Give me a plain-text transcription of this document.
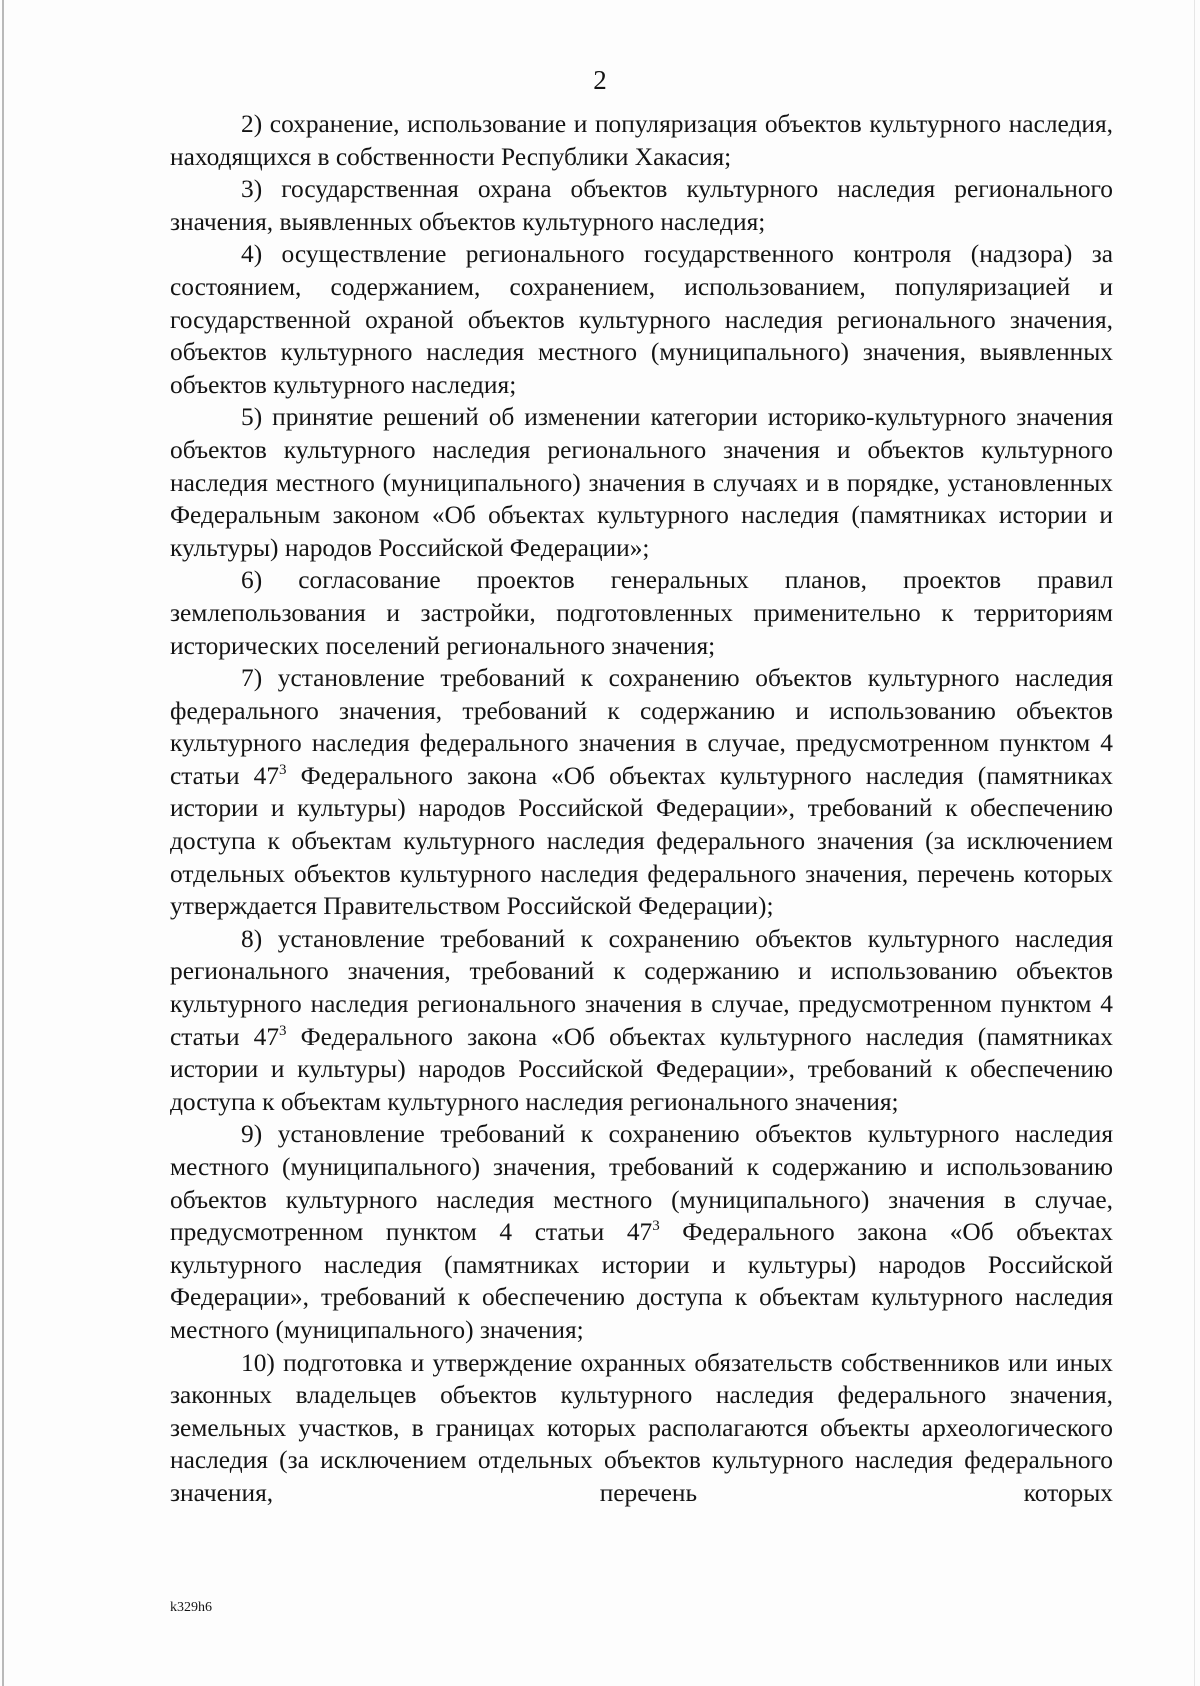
2

2) сохранение, использование и популяризация объектов культурного наследия, находящихся в собственности Республики Хакасия;

3) государственная охрана объектов культурного наследия регионального значения, выявленных объектов культурного наследия;

4) осуществление регионального государственного контроля (надзора) за состоянием, содержанием, сохранением, использованием, популяризацией и государственной охраной объектов культурного наследия регионального значения, объектов культурного наследия местного (муниципального) значения, выявленных объектов культурного наследия;

5) принятие решений об изменении категории историко-культурного значения объектов культурного наследия регионального значения и объектов культурного наследия местного (муниципального) значения в случаях и в порядке, установленных Федеральным законом «Об объектах культурного наследия (памятниках истории и культуры) народов Российской Федерации»;

6) согласование проектов генеральных планов, проектов правил землепользования и застройки, подготовленных применительно к территориям исторических поселений регионального значения;

7) установление требований к сохранению объектов культурного наследия федерального значения, требований к содержанию и использованию объектов культурного наследия федерального значения в случае, предусмотренном пунктом 4 статьи $47^3$ Федерального закона «Об объектах культурного наследия (памятниках истории и культуры) народов Российской Федерации», требований к обеспечению доступа к объектам культурного наследия федерального значения (за исключением отдельных объектов культурного наследия федерального значения, перечень которых утверждается Правительством Российской Федерации);

8) установление требований к сохранению объектов культурного наследия регионального значения, требований к содержанию и использованию объектов культурного наследия регионального значения в случае, предусмотренном пунктом 4 статьи $47^3$ Федерального закона «Об объектах культурного наследия (памятниках истории и культуры) народов Российской Федерации», требований к обеспечению доступа к объектам культурного наследия регионального значения;

9) установление требований к сохранению объектов культурного наследия местного (муниципального) значения, требований к содержанию и использованию объектов культурного наследия местного (муниципального) значения в случае, предусмотренном пунктом 4 статьи $47^3$ Федерального закона «Об объектах культурного наследия (памятниках истории и культуры) народов Российской Федерации», требований к обеспечению доступа к объектам культурного наследия местного (муниципального) значения;

10) подготовка и утверждение охранных обязательств собственников или иных законных владельцев объектов культурного наследия федерального значения, земельных участков, в границах которых располагаются объекты археологического наследия (за исключением отдельных объектов культурного наследия федерального значения, перечень которых

k329h6
